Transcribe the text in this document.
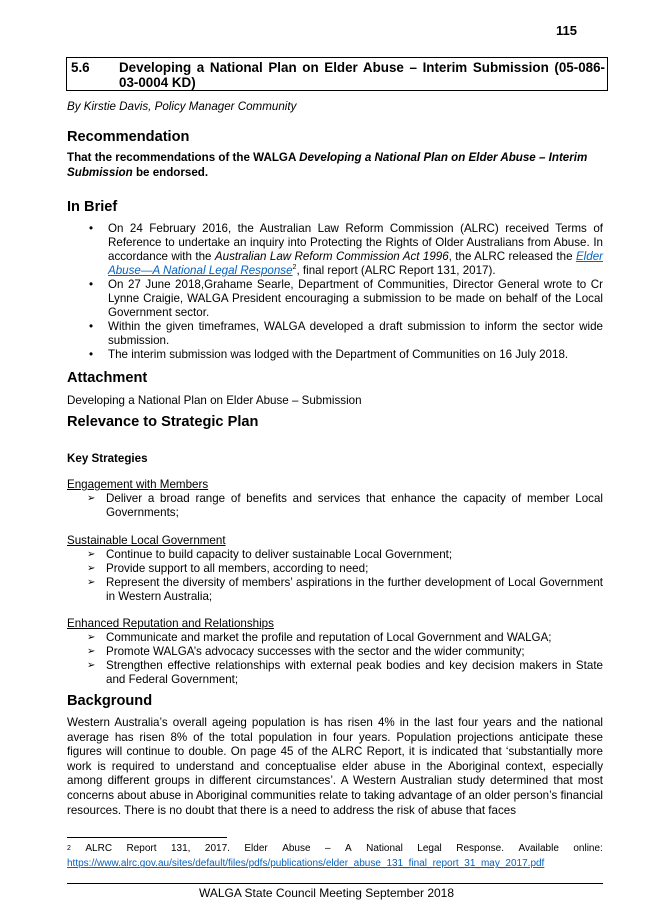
115
5.6 Developing a National Plan on Elder Abuse – Interim Submission (05-086-03-0004 KD)
By Kirstie Davis, Policy Manager Community
Recommendation
That the recommendations of the WALGA Developing a National Plan on Elder Abuse – Interim Submission be endorsed.
In Brief
• On 24 February 2016, the Australian Law Reform Commission (ALRC) received Terms of Reference to undertake an inquiry into Protecting the Rights of Older Australians from Abuse. In accordance with the Australian Law Reform Commission Act 1996, the ALRC released the Elder Abuse—A National Legal Response$^2$, final report (ALRC Report 131, 2017).
• On 27 June 2018,Grahame Searle, Department of Communities, Director General wrote to Cr Lynne Craigie, WALGA President encouraging a submission to be made on behalf of the Local Government sector.
• Within the given timeframes, WALGA developed a draft submission to inform the sector wide submission.
• The interim submission was lodged with the Department of Communities on 16 July 2018.
Attachment
Developing a National Plan on Elder Abuse – Submission
Relevance to Strategic Plan
Key Strategies
Engagement with Members
➢ Deliver a broad range of benefits and services that enhance the capacity of member Local Governments;
Sustainable Local Government
➢ Continue to build capacity to deliver sustainable Local Government;
➢ Provide support to all members, according to need;
➢ Represent the diversity of members’ aspirations in the further development of Local Government in Western Australia;
Enhanced Reputation and Relationships
➢ Communicate and market the profile and reputation of Local Government and WALGA;
➢ Promote WALGA’s advocacy successes with the sector and the wider community;
➢ Strengthen effective relationships with external peak bodies and key decision makers in State and Federal Government;
Background

Western Australia’s overall ageing population is has risen 4% in the last four years and the national average has risen 8% of the total population in four years. Population projections anticipate these figures will continue to double. On page 45 of the ALRC Report, it is indicated that ‘substantially more work is required to understand and conceptualise elder abuse in the Aboriginal context, especially among different groups in different circumstances’. A Western Australian study determined that most concerns about abuse in Aboriginal communities relate to taking advantage of an older person’s financial resources. There is no doubt that there is a need to address the risk of abuse that faces

$^2$ ALRC Report 131, 2017. Elder Abuse – A National Legal Response. Available online:
https://www.alrc.gov.au/sites/default/files/pdfs/publications/elder_abuse_131_final_report_31_may_2017.pdf
WALGA State Council Meeting September 2018
